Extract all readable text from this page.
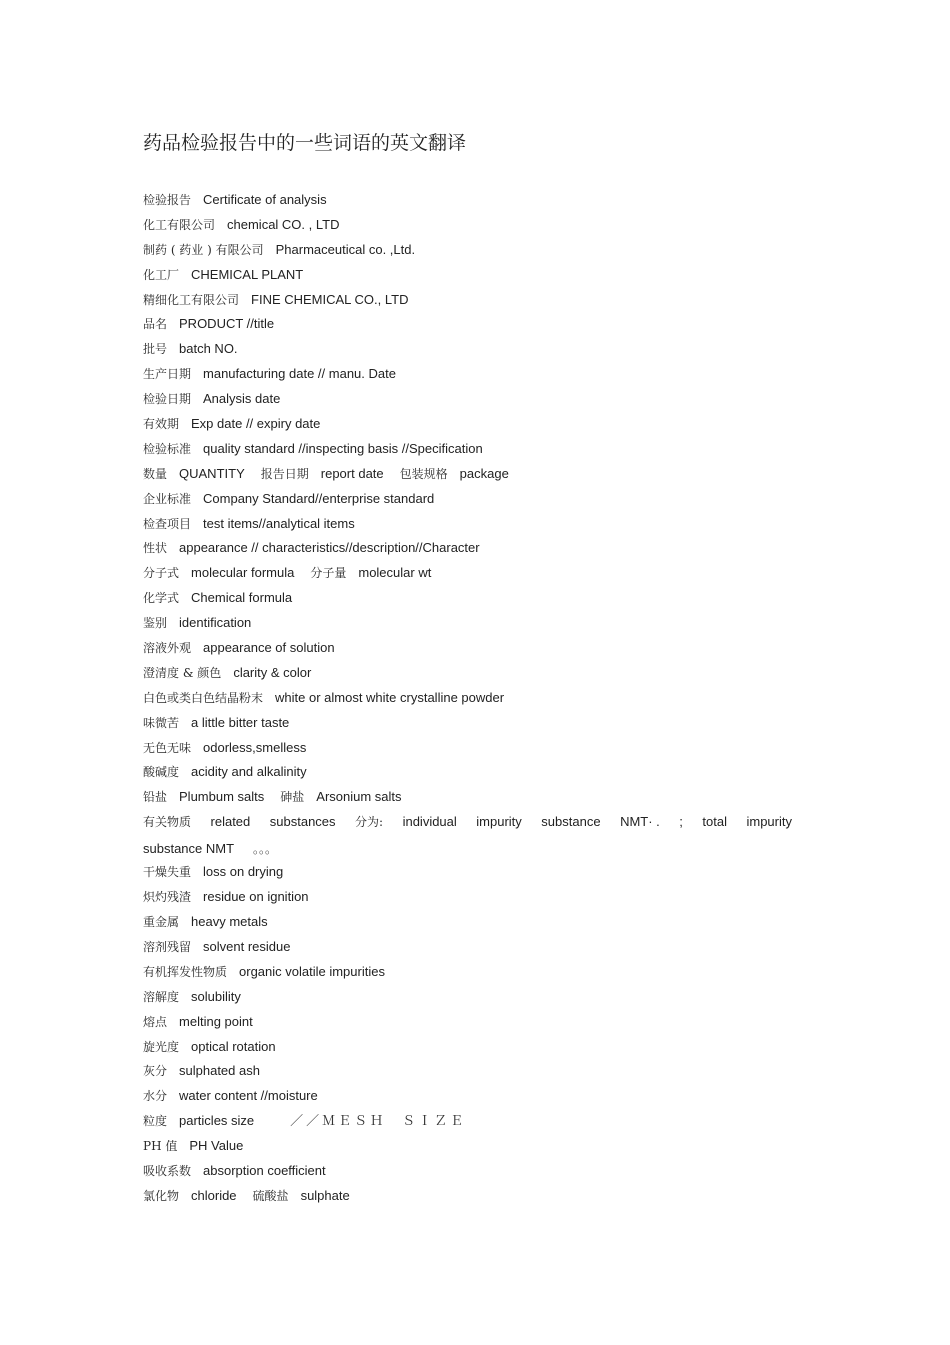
药品检验报告中的一些词语的英文翻译
检验报告 Certificate of analysis
化工有限公司 chemical CO. , LTD
制药 ( 药业 ) 有限公司 Pharmaceutical co. ,Ltd.
化工厂 CHEMICAL PLANT
精细化工有限公司 FINE CHEMICAL CO., LTD
品名 PRODUCT //title
批号 batch NO.
生产日期 manufacturing date // manu. Date
检验日期 Analysis date
有效期 Exp date // expiry date
检验标准 quality standard //inspecting basis //Specification
数量 QUANTITY 报告日期 report date 包装规格 package
企业标准 Company Standard//enterprise standard
检查项目 test items//analytical items
性状 appearance // characteristics//description//Character
分子式 molecular formula 分子量 molecular wt
化学式 Chemical formula
鉴别 identification
溶液外观 appearance of solution
澄清度 & 颜色 clarity & color
白色或类白色结晶粉末 white or almost white crystalline powder
味微苦 a little bitter taste
无色无味 odorless,smelless
酸碱度 acidity and alkalinity
铅盐 Plumbum salts 砷盐 Arsonium salts
有关物质 related substances 分为: individual impurity substance NMT· . ; total impurity
substance NMT 。。。
干燥失重 loss on drying
炽灼残渣 residue on ignition
重金属 heavy metals
溶剂残留 solvent residue
有机挥发性物质 organic volatile impurities
溶解度 solubility
熔点 melting point
旋光度 optical rotation
灰分 sulphated ash
水分 water content //moisture
粒度 particles size	／／ＭＥＳＨ　ＳＩＺＥ
PH 值 PH Value
吸收系数 absorption coefficient
氯化物 chloride 硫酸盐 sulphate
